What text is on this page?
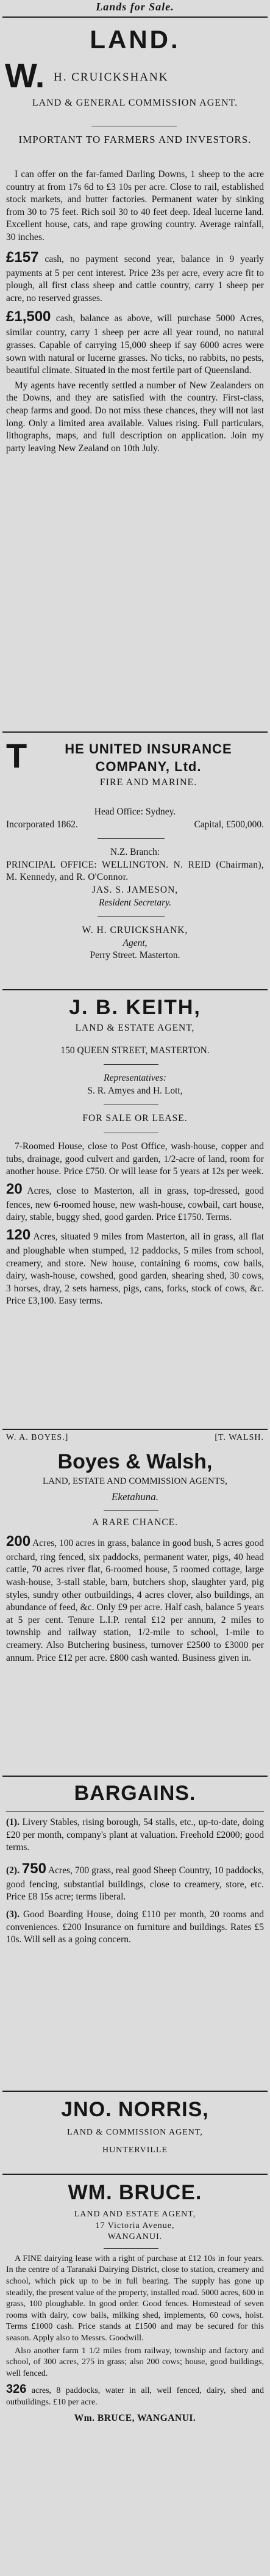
Lands for Sale.
LAND.
W. H. CRUICKSHANK
LAND & GENERAL COMMISSION AGENT.
IMPORTANT TO FARMERS AND INVESTORS.

I can offer on the far-famed Darling Downs, 1 sheep to the acre country at from 17s 6d to £3 10s per acre. Close to rail, established stock markets, and butter factories. Permanent water by sinking from 30 to 75 feet. Rich soil 30 to 40 feet deep. Ideal lucerne land. Excellent house, cats, and rape growing country. Average rainfall, 30 inches.

£157 cash, no payment second year, balance in 9 yearly payments at 5 per cent interest. Price 23s per acre, every acre fit to plough, all first class sheep and cattle country, carry 1 sheep per acre, no reserved grasses.

£1,500 cash, balance as above, will purchase 5000 Acres, similar country, carry 1 sheep per acre all year round, no natural grasses. Capable of carrying 15,000 sheep if say 6000 acres were sown with natural or lucerne grasses. No ticks, no rabbits, no pests, beautiful climate. Situated in the most fertile part of Queensland.

My agents have recently settled a number of New Zealanders on the Downs, and they are satisfied with the country. First-class, cheap farms and good. Do not miss these chances, they will not last long. Only a limited area available. Values rising. Full particulars, lithographs, maps, and full description on application. Join my party leaving New Zealand on 10th July.

T	HE UNITED INSURANCE
COMPANY, Ltd.
FIRE AND MARINE.
Head Office: Sydney.
Incorporated 1862.	Capital, £500,000.
N.Z. Branch:
PRINCIPAL OFFICE: WELLINGTON. N. REID (Chairman), M. Kennedy, and R. O'Connor.
JAS. S. JAMESON,
Resident Secretary.
W. H. CRUICKSHANK,
Agent,
Perry Street. Masterton.
J. B. KEITH,
LAND & ESTATE AGENT,
150 QUEEN STREET, MASTERTON.
Representatives:
S. R. Amyes and H. Lott,
FOR SALE OR LEASE.
7-Roomed House, close to Post Office, wash-house, copper and tubs, drainage, good culvert and garden, 1/2-acre of land, room for another house. Price £750. Or will lease for 5 years at 12s per week.
20 Acres, close to Masterton, all in grass, top-dressed, good fences, new 6-roomed house, new wash-house, cowbail, cart house, dairy, stable, buggy shed, good garden. Price £1750. Terms.
120 Acres, situated 9 miles from Masterton, all in grass, all flat and ploughable when stumped, 12 paddocks, 5 miles from school, creamery, and store. New house, containing 6 rooms, cow bails, dairy, wash-house, cowshed, good garden, shearing shed, 30 cows, 3 horses, dray, 2 sets harness, pigs, cans, forks, stock of cows, &c. Price £3,100. Easy terms.
W. A. BOYES.]	[T. WALSH.
Boyes & Walsh,
LAND, ESTATE AND COMMISSION AGENTS,
Eketahuna.
A RARE CHANCE.
200 Acres, 100 acres in grass, balance in good bush, 5 acres good orchard, ring fenced, six paddocks, permanent water, pigs, 40 head cattle, 70 acres river flat, 6-roomed house, 5 roomed cottage, large wash-house, 3-stall stable, barn, butchers shop, slaughter yard, pig styles, sundry other outbuildings, 4 acres clover, also buildings, an abundance of feed, &c. Only £9 per acre. Half cash, balance 5 years at 5 per cent. Tenure L.I.P. rental £12 per annum, 2 miles to township and railway station, 1/2-mile to school, 1-mile to creamery. Also Butchering business, turnover £2500 to £3000 per annum. Price £12 per acre. £800 cash wanted. Business given in.
BARGAINS.
(1). Livery Stables, rising borough, 54 stalls, etc., up-to-date, doing £20 per month, company's plant at valuation. Freehold £2000; good terms.
(2). 750 Acres, 700 grass, real good Sheep Country, 10 paddocks, good fencing, substantial buildings, close to creamery, store, etc. Price £8 15s acre; terms liberal.
(3). Good Boarding House, doing £110 per month, 20 rooms and conveniences. £200 Insurance on furniture and buildings. Rates £5 10s. Will sell as a going concern.
JNO. NORRIS,
LAND & COMMISSION AGENT,
HUNTERVILLE
WM. BRUCE.
LAND AND ESTATE AGENT,
17 Victoria Avenue,
WANGANUI.
A FINE dairying lease with a right of purchase at £12 10s in four years. In the centre of a Taranaki Dairying District, close to station, creamery and school, which pick up to be in full bearing. The supply has gone up steadily, the present value of the property, installed road. 5000 acres, 600 in grass, 100 ploughable. In good order. Good fences. Homestead of seven rooms with dairy, cow bails, milking shed, implements, 60 cows, hoist. Terms £1000 cash. Price stands at £1500 and may be secured for this season. Apply also to Messrs. Goodwill.
Also another farm 1 1/2 miles from railway, township and factory and school, of 300 acres, 275 in grass; also 200 cows; house, good buildings, well fenced.
326 acres, 8 paddocks, water in all, well fenced, dairy, shed and outbuildings. £10 per acre.
Wm. BRUCE, WANGANUI.
